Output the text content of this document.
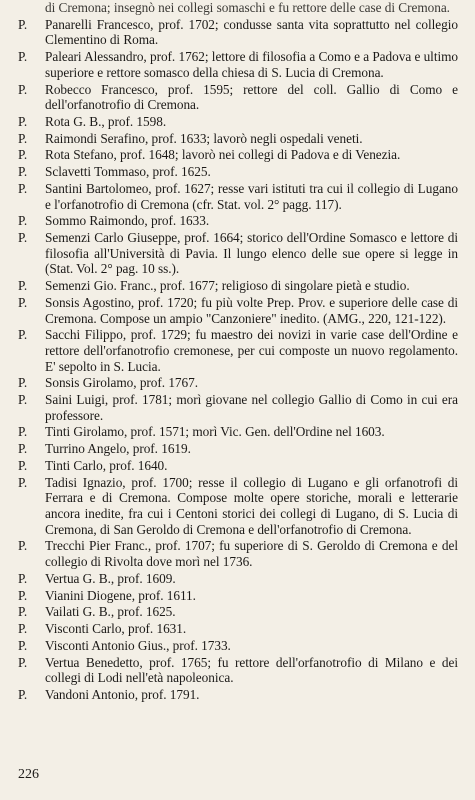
di Cremona; insegnò nei collegi somaschi e fu rettore delle case di Cremona.
P. Panarelli Francesco, prof. 1702; condusse santa vita soprattutto nel collegio Clementino di Roma.
P. Paleari Alessandro, prof. 1762; lettore di filosofia a Como e a Padova e ultimo superiore e rettore somasco della chiesa di S. Lucia di Cremona.
P. Robecco Francesco, prof. 1595; rettore del coll. Gallio di Como e dell'orfanotrofio di Cremona.
P. Rota G. B., prof. 1598.
P. Raimondi Serafino, prof. 1633; lavorò negli ospedali veneti.
P. Rota Stefano, prof. 1648; lavorò nei collegi di Padova e di Venezia.
P. Sclavetti Tommaso, prof. 1625.
P. Santini Bartolomeo, prof. 1627; resse vari istituti tra cui il collegio di Lugano e l'orfanotrofio di Cremona (cfr. Stat. vol. 2° pagg. 117).
P. Sommo Raimondo, prof. 1633.
P. Semenzi Carlo Giuseppe, prof. 1664; storico dell'Ordine Somasco e lettore di filosofia all'Università di Pavia. Il lungo elenco delle sue opere si legge in (Stat. Vol. 2° pag. 10 ss.).
P. Semenzi Gio. Franc., prof. 1677; religioso di singolare pietà e studio.
P. Sonsis Agostino, prof. 1720; fu più volte Prep. Prov. e superiore delle case di Cremona. Compose un ampio "Canzoniere" inedito. (AMG., 220, 121-122).
P. Sacchi Filippo, prof. 1729; fu maestro dei novizi in varie case dell'Ordine e rettore dell'orfanotrofio cremonese, per cui composte un nuovo regolamento. E' sepolto in S. Lucia.
P. Sonsis Girolamo, prof. 1767.
P. Saini Luigi, prof. 1781; morì giovane nel collegio Gallio di Como in cui era professore.
P. Tinti Girolamo, prof. 1571; morì Vic. Gen. dell'Ordine nel 1603.
P. Turrino Angelo, prof. 1619.
P. Tinti Carlo, prof. 1640.
P. Tadisi Ignazio, prof. 1700; resse il collegio di Lugano e gli orfanotrofi di Ferrara e di Cremona. Compose molte opere storiche, morali e letterarie ancora inedite, fra cui i Centoni storici dei collegi di Lugano, di S. Lucia di Cremona, di San Geroldo di Cremona e dell'orfanotrofio di Cremona.
P. Trecchi Pier Franc., prof. 1707; fu superiore di S. Geroldo di Cremona e del collegio di Rivolta dove morì nel 1736.
P. Vertua G. B., prof. 1609.
P. Vianini Diogene, prof. 1611.
P. Vailati G. B., prof. 1625.
P. Visconti Carlo, prof. 1631.
P. Visconti Antonio Gius., prof. 1733.
P. Vertua Benedetto, prof. 1765; fu rettore dell'orfanotrofio di Milano e dei collegi di Lodi nell'età napoleonica.
P. Vandoni Antonio, prof. 1791.
226
